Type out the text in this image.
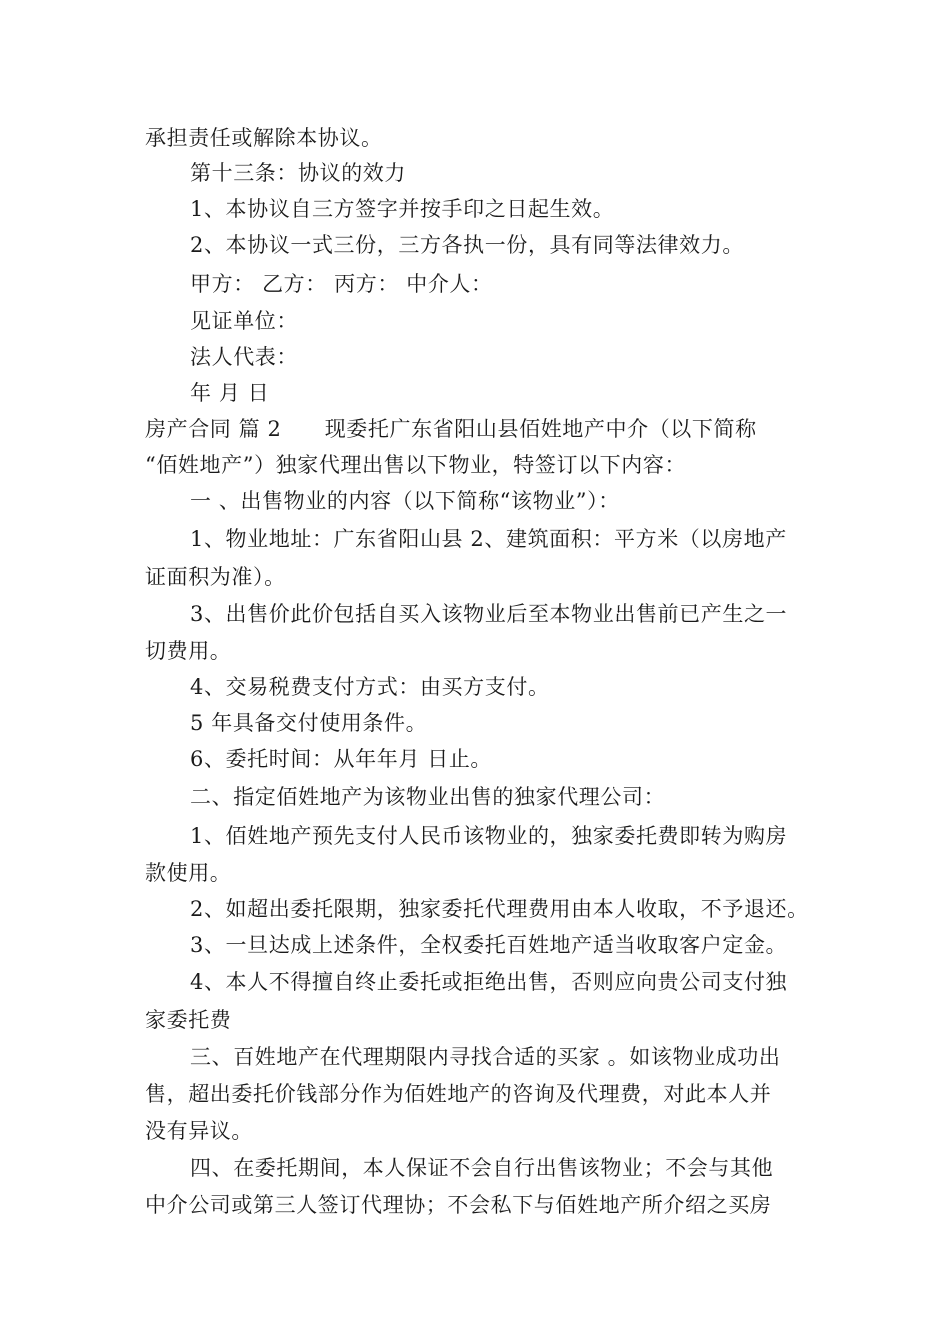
承担责任或解除本协议。
第十三条：协议的效力
1、本协议自三方签字并按手印之日起生效。
2、本协议一式三份，三方各执一份，具有同等法律效力。
甲方： 乙方： 丙方： 中介人：
见证单位：
法人代表：
年 月 日
房产合同 篇 2　　现委托广东省阳山县佰姓地产中介（以下简称
“佰姓地产”）独家代理出售以下物业，特签订以下内容：
一 、出售物业的内容（以下简称“该物业”）：
1、物业地址：广东省阳山县 2、建筑面积：平方米（以房地产
证面积为准）。
3、出售价此价包括自买入该物业后至本物业出售前已产生之一
切费用。
4、交易税费支付方式：由买方支付。
5 年具备交付使用条件。
6、委托时间：从年年月 日止。
二、指定佰姓地产为该物业出售的独家代理公司：
1、佰姓地产预先支付人民币该物业的，独家委托费即转为购房
款使用。
2、如超出委托限期，独家委托代理费用由本人收取，不予退还。
3、一旦达成上述条件，全权委托百姓地产适当收取客户定金。
4、本人不得擅自终止委托或拒绝出售，否则应向贵公司支付独
家委托费
三、百姓地产在代理期限内寻找合适的买家 。如该物业成功出
售，超出委托价钱部分作为佰姓地产的咨询及代理费，对此本人并
没有异议。
四、在委托期间，本人保证不会自行出售该物业；不会与其他
中介公司或第三人签订代理协；不会私下与佰姓地产所介绍之买房
